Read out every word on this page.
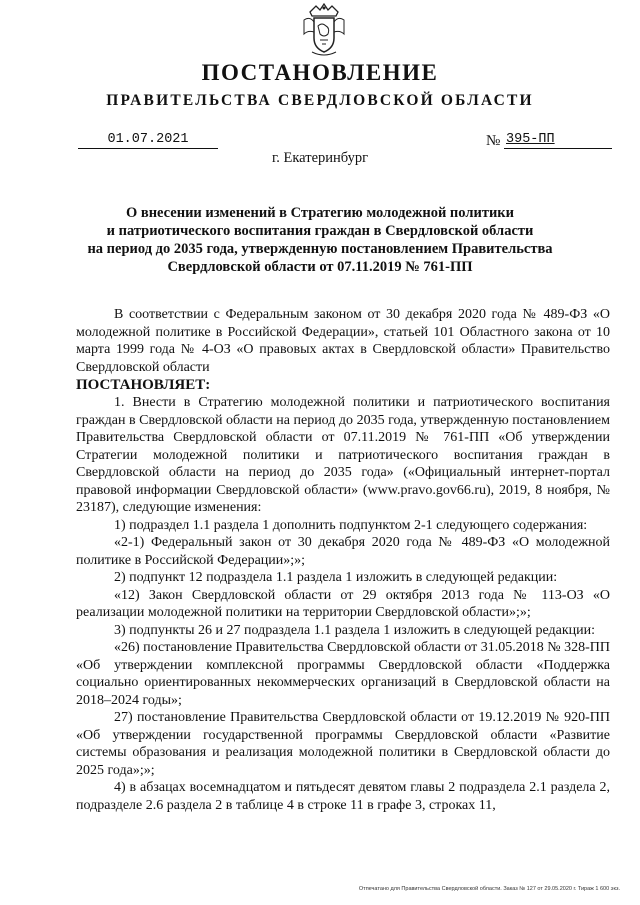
ПОСТАНОВЛЕНИЕ
ПРАВИТЕЛЬСТВА СВЕРДЛОВСКОЙ ОБЛАСТИ
01.07.2021	№ 395-ПП
г. Екатеринбург
О внесении изменений в Стратегию молодежной политики
и патриотического воспитания граждан в Свердловской области
на период до 2035 года, утвержденную постановлением Правительства
Свердловской области от 07.11.2019 № 761-ПП

В соответствии с Федеральным законом от 30 декабря 2020 года № 489-ФЗ «О молодежной политике в Российской Федерации», статьей 101 Областного закона от 10 марта 1999 года № 4-ОЗ «О правовых актах в Свердловской области» Правительство Свердловской области

ПОСТАНОВЛЯЕТ:

1. Внести в Стратегию молодежной политики и патриотического воспитания граждан в Свердловской области на период до 2035 года, утвержденную постановлением Правительства Свердловской области от 07.11.2019 № 761-ПП «Об утверждении Стратегии молодежной политики и патриотического воспитания граждан в Свердловской области на период до 2035 года» («Официальный интернет-портал правовой информации Свердловской области» (www.pravo.gov66.ru), 2019, 8 ноября, № 23187), следующие изменения:

1) подраздел 1.1 раздела 1 дополнить подпунктом 2-1 следующего содержания:

«2-1) Федеральный закон от 30 декабря 2020 года № 489-ФЗ «О молодежной политике в Российской Федерации»;»;

2) подпункт 12 подраздела 1.1 раздела 1 изложить в следующей редакции:

«12) Закон Свердловской области от 29 октября 2013 года № 113-ОЗ «О реализации молодежной политики на территории Свердловской области»;»;

3) подпункты 26 и 27 подраздела 1.1 раздела 1 изложить в следующей редакции:

«26) постановление Правительства Свердловской области от 31.05.2018 № 328-ПП «Об утверждении комплексной программы Свердловской области «Поддержка социально ориентированных некоммерческих организаций в Свердловской области на 2018–2024 годы»;

27) постановление Правительства Свердловской области от 19.12.2019 № 920-ПП «Об утверждении государственной программы Свердловской области «Развитие системы образования и реализация молодежной политики в Свердловской области до 2025 года»;»;

4) в абзацах восемнадцатом и пятьдесят девятом главы 2 подраздела 2.1 раздела 2, подразделе 2.6 раздела 2 в таблице 4 в строке 11 в графе 3, строках 11,

Отпечатано для Правительства Свердловской области. Заказ № 127 от 29.05.2020 г. Тираж 1 600 экз.
